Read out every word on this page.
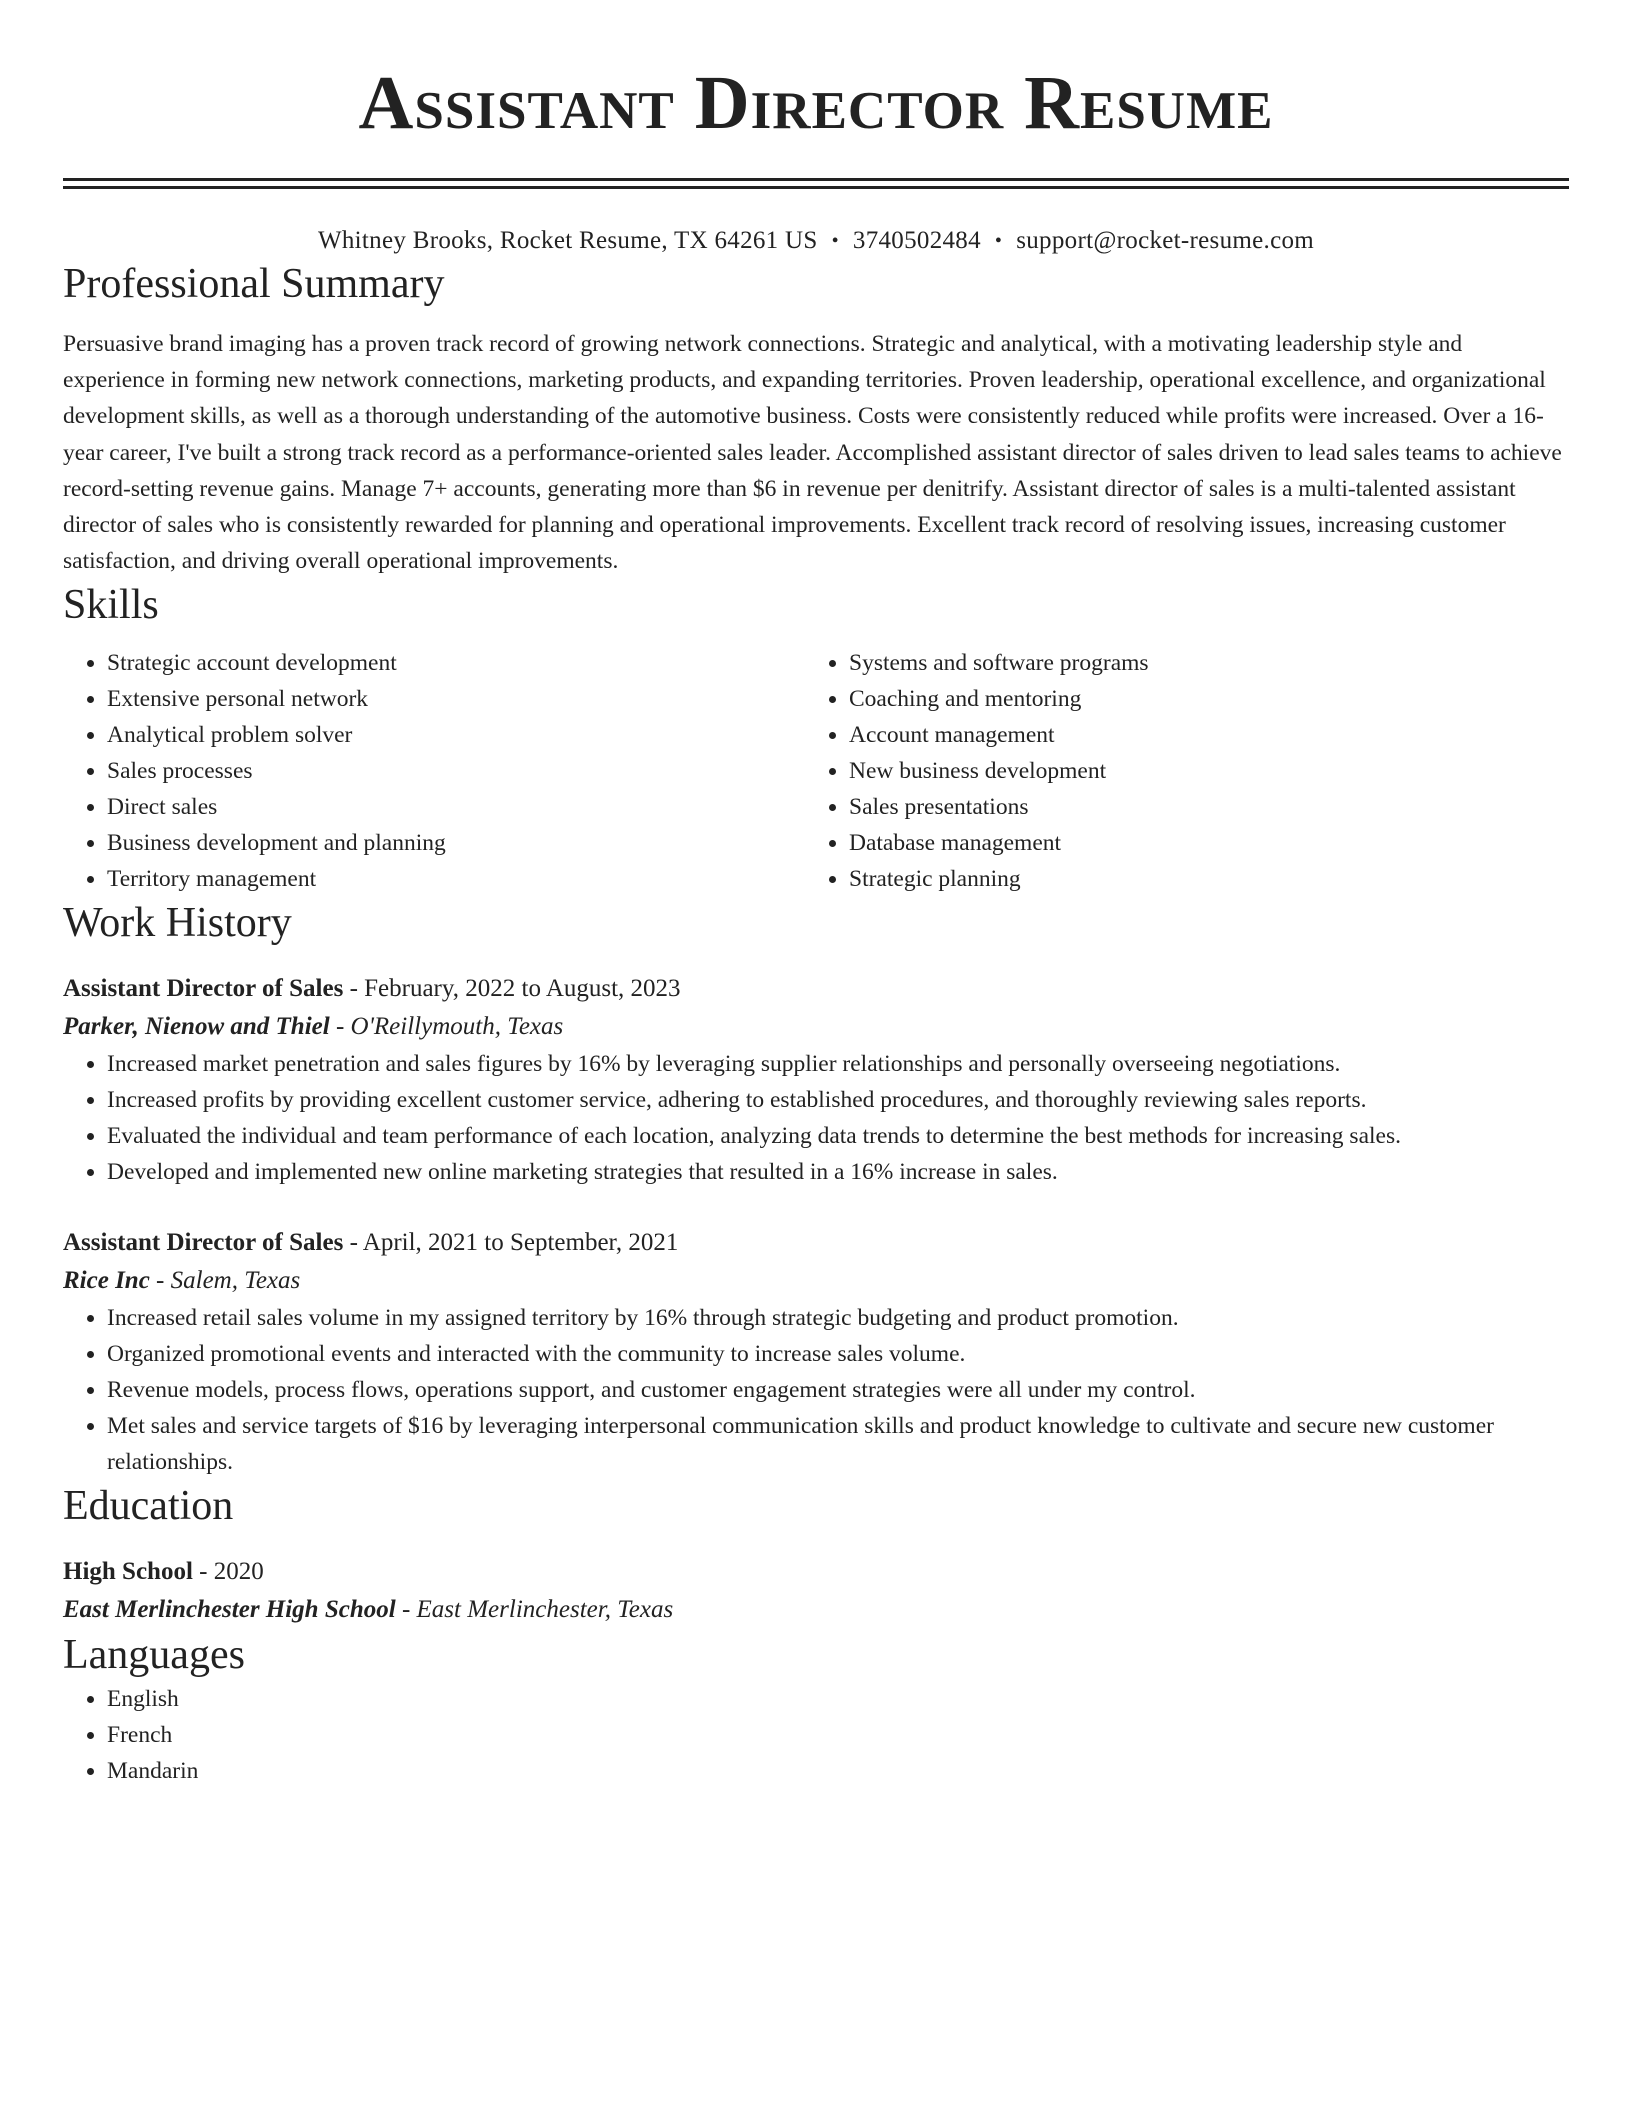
Assistant Director Resume
Whitney Brooks, Rocket Resume, TX 64261 US • 3740502484 • support@rocket-resume.com
Professional Summary

Persuasive brand imaging has a proven track record of growing network connections. Strategic and analytical, with a motivating leadership style and experience in forming new network connections, marketing products, and expanding territories. Proven leadership, operational excellence, and organizational development skills, as well as a thorough understanding of the automotive business. Costs were consistently reduced while profits were increased. Over a 16-year career, I've built a strong track record as a performance-oriented sales leader. Accomplished assistant director of sales driven to lead sales teams to achieve record-setting revenue gains. Manage 7+ accounts, generating more than $6 in revenue per denitrify. Assistant director of sales is a multi-talented assistant director of sales who is consistently rewarded for planning and operational improvements. Excellent track record of resolving issues, increasing customer satisfaction, and driving overall operational improvements.

Skills
• Strategic account development
• Extensive personal network
• Analytical problem solver
• Sales processes
• Direct sales
• Business development and planning
• Territory management
• Systems and software programs
• Coaching and mentoring
• Account management
• New business development
• Sales presentations
• Database management
• Strategic planning
Work History

Assistant Director of Sales - February, 2022 to August, 2023

Parker, Nienow and Thiel - O'Reillymouth, Texas

• Increased market penetration and sales figures by 16% by leveraging supplier relationships and personally overseeing negotiations.
• Increased profits by providing excellent customer service, adhering to established procedures, and thoroughly reviewing sales reports.
• Evaluated the individual and team performance of each location, analyzing data trends to determine the best methods for increasing sales.
• Developed and implemented new online marketing strategies that resulted in a 16% increase in sales.

Assistant Director of Sales - April, 2021 to September, 2021

Rice Inc - Salem, Texas

• Increased retail sales volume in my assigned territory by 16% through strategic budgeting and product promotion.
• Organized promotional events and interacted with the community to increase sales volume.
• Revenue models, process flows, operations support, and customer engagement strategies were all under my control.
• Met sales and service targets of $16 by leveraging interpersonal communication skills and product knowledge to cultivate and secure new customer relationships.
Education

High School - 2020

East Merlinchester High School - East Merlinchester, Texas

Languages
• English
• French
• Mandarin
